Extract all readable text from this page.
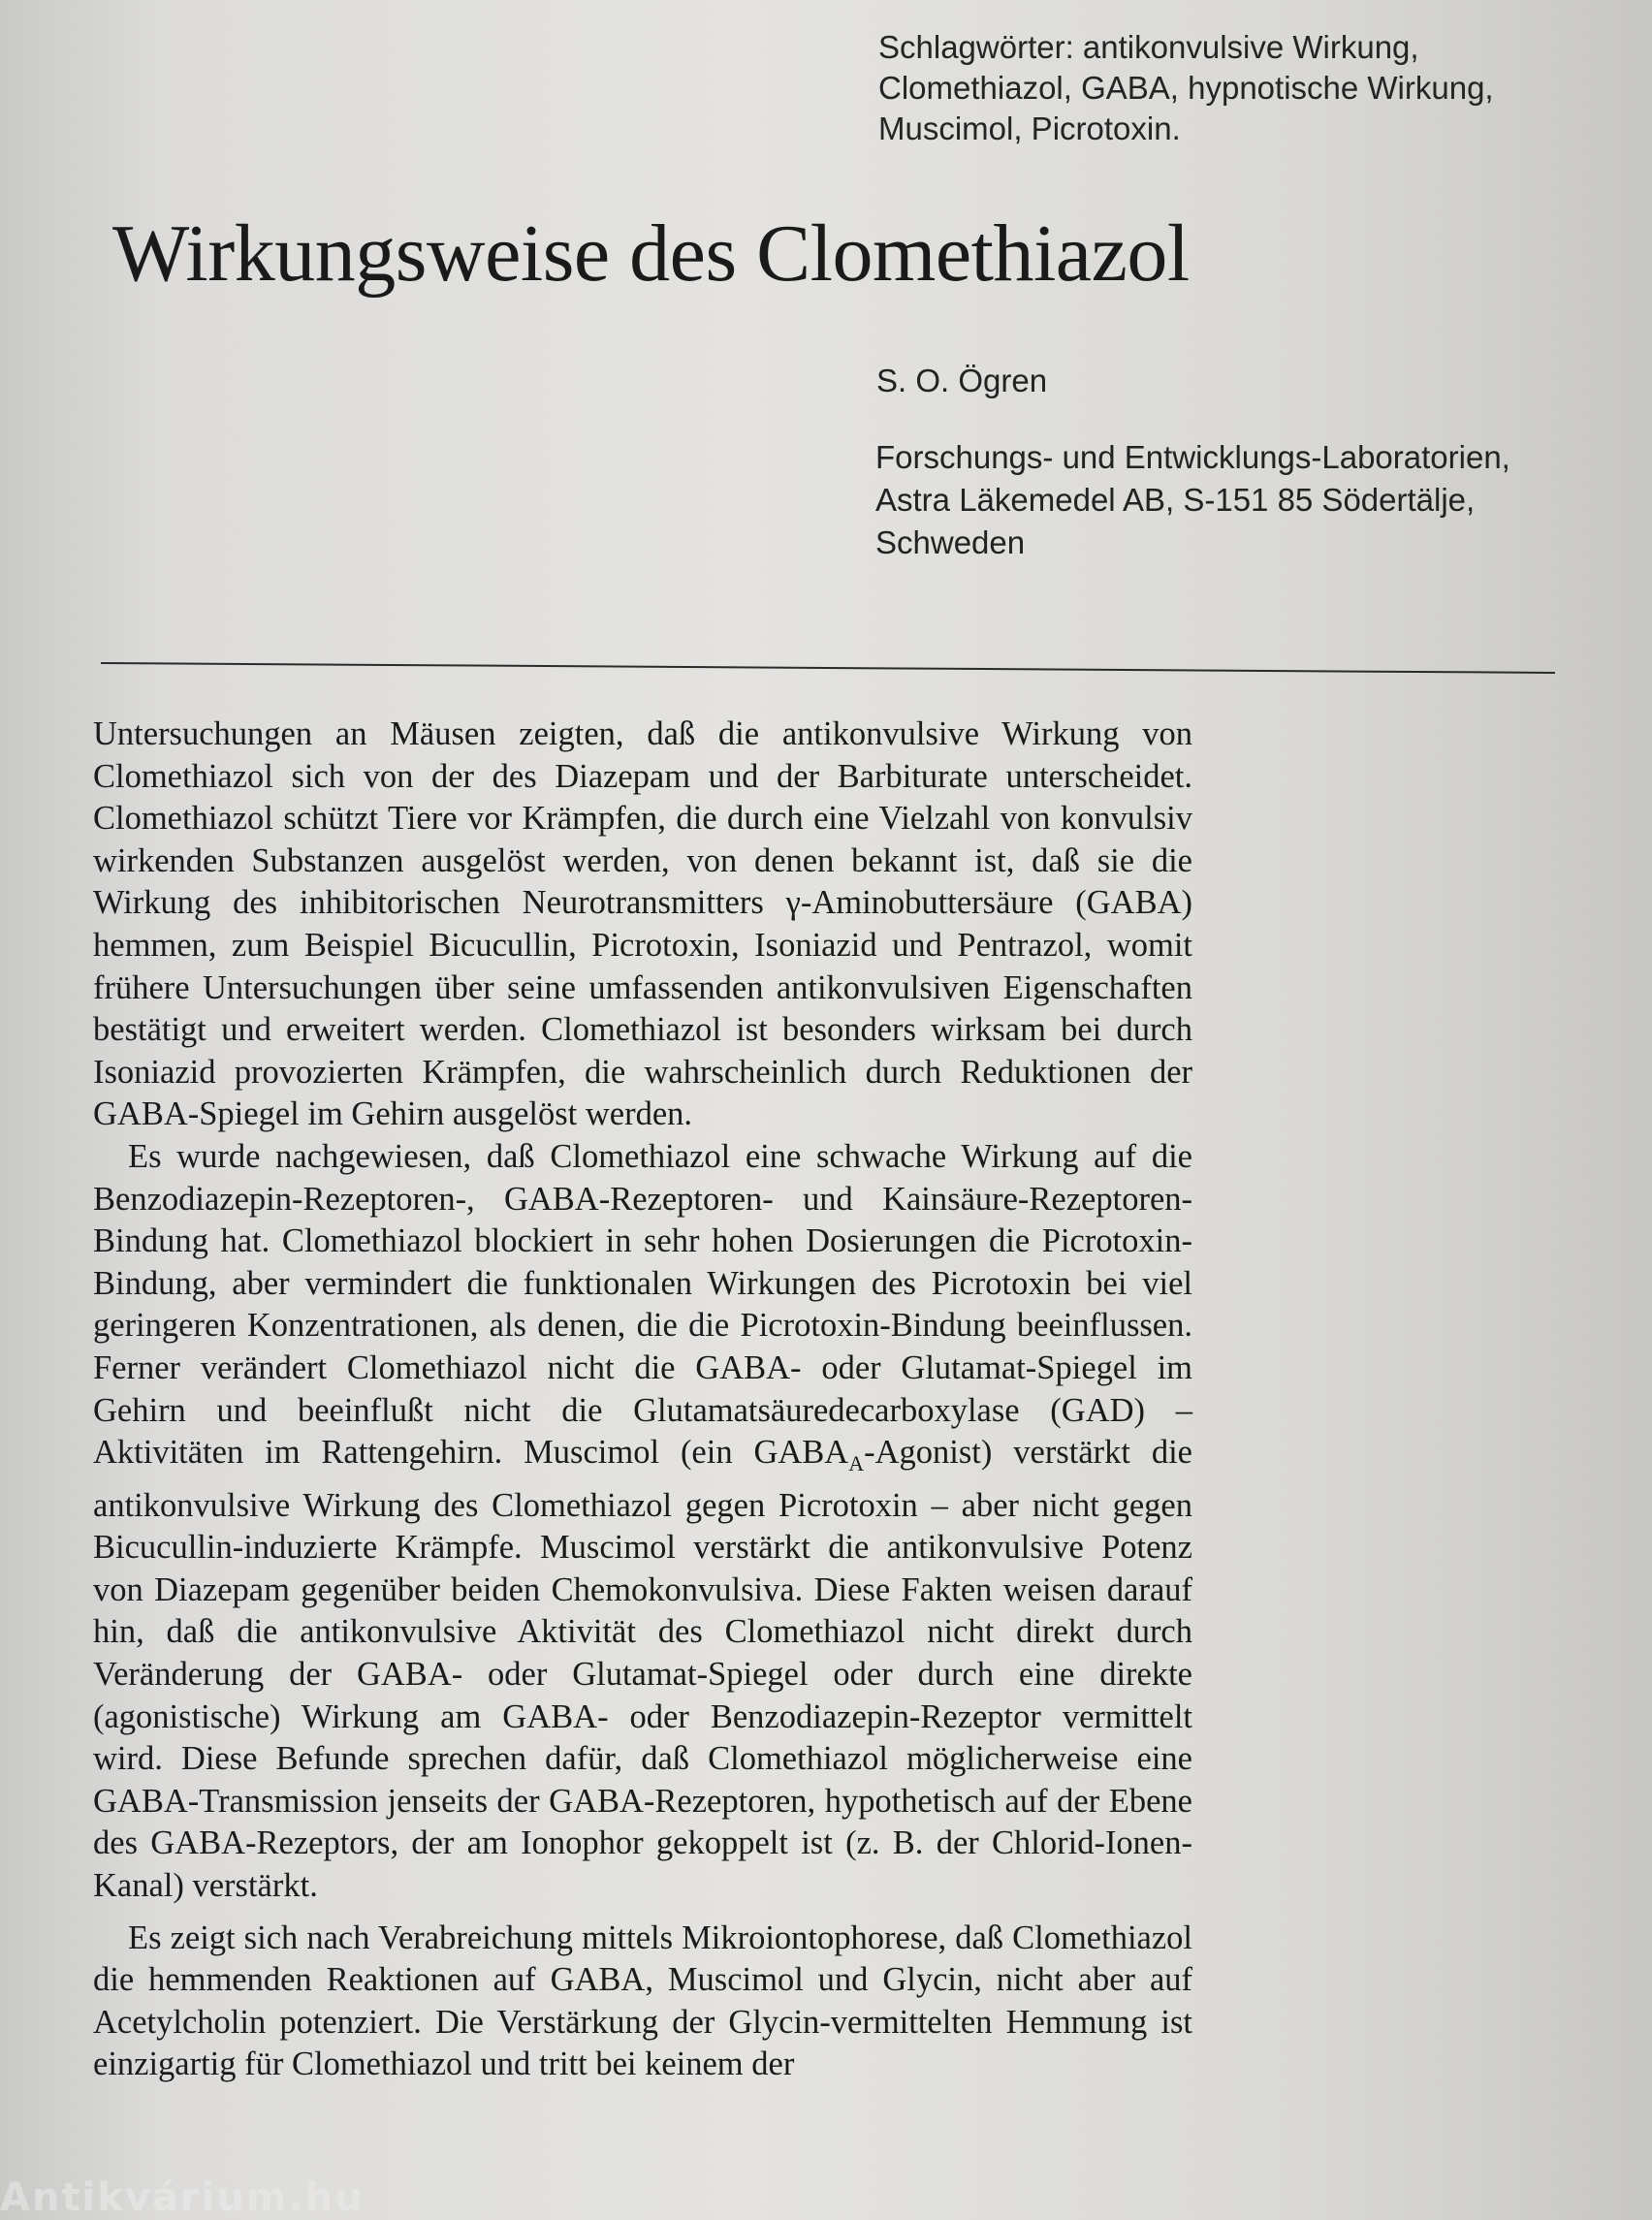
Schlagwörter: antikonvulsive Wirkung,
Clomethiazol, GABA, hypnotische Wirkung,
Muscimol, Picrotoxin.
Wirkungsweise des Clomethiazol

S. O. Ögren

Forschungs- und Entwicklungs-Laboratorien,
Astra Läkemedel AB, S-151 85 Södertälje,
Schweden

Untersuchungen an Mäusen zeigten, daß die antikonvulsive Wirkung von Clomethiazol sich von der des Diazepam und der Barbiturate unterscheidet. Clomethiazol schützt Tiere vor Krämpfen, die durch eine Vielzahl von konvulsiv wirkenden Substanzen ausgelöst werden, von denen bekannt ist, daß sie die Wirkung des inhibitorischen Neurotransmitters γ-Aminobuttersäure (GABA) hemmen, zum Beispiel Bicucullin, Picrotoxin, Isoniazid und Pentrazol, womit frühere Untersuchungen über seine umfassenden antikonvulsiven Eigenschaften bestätigt und erweitert werden. Clomethiazol ist besonders wirksam bei durch Isoniazid provozierten Krämpfen, die wahrscheinlich durch Reduktionen der GABA-Spiegel im Gehirn ausgelöst werden.

Es wurde nachgewiesen, daß Clomethiazol eine schwache Wirkung auf die Benzodiazepin-Rezeptoren-, GABA-Rezeptoren- und Kainsäure-Rezeptoren-Bindung hat. Clomethiazol blockiert in sehr hohen Dosierungen die Picrotoxin-Bindung, aber vermindert die funktionalen Wirkungen des Picrotoxin bei viel geringeren Konzentrationen, als denen, die die Picrotoxin-Bindung beeinflussen. Ferner verändert Clomethiazol nicht die GABA- oder Glutamat-Spiegel im Gehirn und beeinflußt nicht die Glutamatsäuredecarboxylase (GAD) – Aktivitäten im Rattengehirn. Muscimol (ein $GABA_A-Agonist$) verstärkt die antikonvulsive Wirkung des Clomethiazol gegen Picrotoxin – aber nicht gegen Bicucullin-induzierte Krämpfe. Muscimol verstärkt die antikonvulsive Potenz von Diazepam gegenüber beiden Chemokonvulsiva. Diese Fakten weisen darauf hin, daß die antikonvulsive Aktivität des Clomethiazol nicht direkt durch Veränderung der GABA- oder Glutamat-Spiegel oder durch eine direkte (agonistische) Wirkung am GABA- oder Benzodiazepin-Rezeptor vermittelt wird. Diese Befunde sprechen dafür, daß Clomethiazol möglicherweise eine GABA-Transmission jenseits der GABA-Rezeptoren, hypothetisch auf der Ebene des GABA-Rezeptors, der am Ionophor gekoppelt ist (z. B. der Chlorid-Ionen-Kanal) verstärkt.

Es zeigt sich nach Verabreichung mittels Mikroiontophorese, daß Clomethiazol die hemmenden Reaktionen auf GABA, Muscimol und Glycin, nicht aber auf Acetylcholin potenziert. Die Verstärkung der Glycin-vermittelten Hemmung ist einzigartig für Clomethiazol und tritt bei keinem der

Antikvárium.hu
